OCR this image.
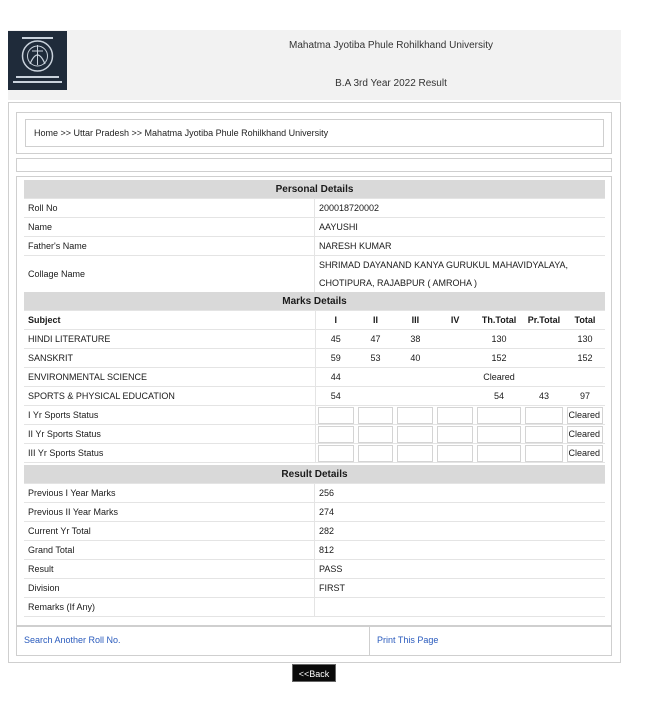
Mahatma Jyotiba Phule Rohilkhand University
B.A 3rd Year 2022 Result
Home >> Uttar Pradesh >> Mahatma Jyotiba Phule Rohilkhand University
Personal Details	
Roll No	200018720002
Name	AAYUSHI
Father's Name	NARESH KUMAR
Collage Name	SHRIMAD DAYANAND KANYA GURUKUL MAHAVIDYALAYA,
CHOTIPURA, RAJABPUR ( AMROHA )
Marks Details							
Subject	I	II	III	IV	Th.Total	Pr.Total	Total
HINDI LITERATURE	45	47	38		130		130
SANSKRIT	59	53	40		152		152
ENVIRONMENTAL SCIENCE	44				Cleared		
SPORTS & PHYSICAL EDUCATION	54				54	43	97
I Yr Sports Status							Cleared

II Yr Sports Status							Cleared

III Yr Sports Status							Cleared
Result Details	
Previous I Year Marks	256
Previous II Year Marks	274
Current Yr Total	282
Grand Total	812
Result	PASS
Division	FIRST
Remarks (If Any)	
Search Another Roll No.	Print This Page
<<Back
